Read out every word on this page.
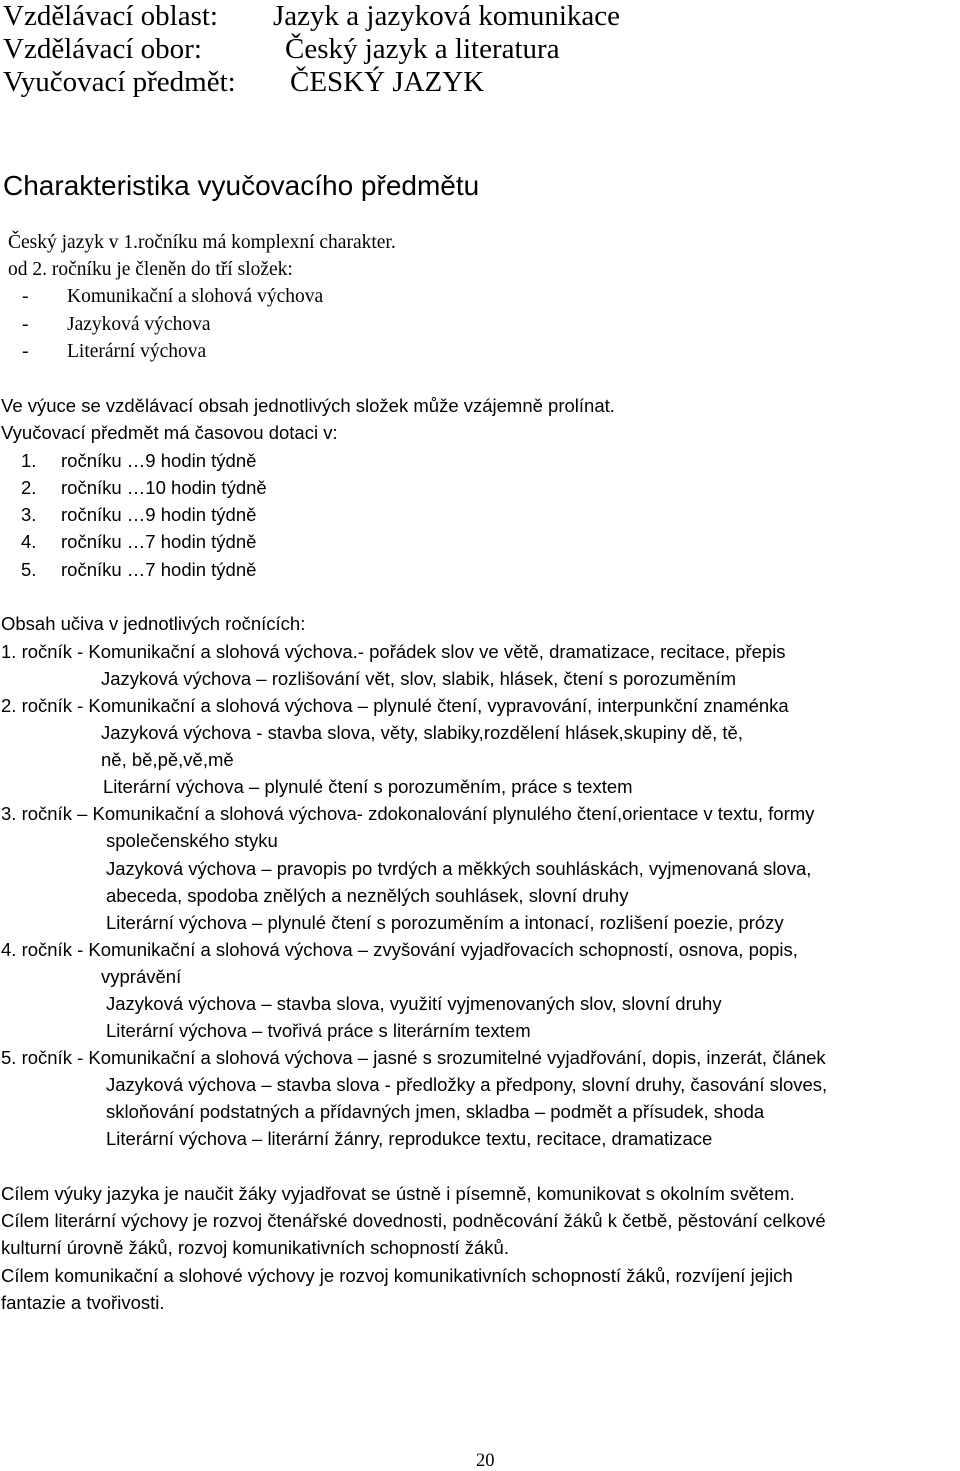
Vzdělávací oblast: Jazyk a jazyková komunikace
Vzdělávací obor:	Český jazyk a literatura
Vyučovací předmět: ČESKÝ JAZYK
Charakteristika vyučovacího předmětu
Český jazyk v 1.ročníku má komplexní charakter.
od 2. ročníku je členěn do tří složek:
- Komunikační a slohová výchova
- Jazyková výchova
- Literární výchova
Ve výuce se vzdělávací obsah jednotlivých složek může vzájemně prolínat.
Vyučovací předmět má časovou dotaci v:
1. ročníku …9 hodin týdně
2. ročníku …10 hodin týdně
3. ročníku …9 hodin týdně
4. ročníku …7 hodin týdně
5. ročníku …7 hodin týdně
Obsah učiva v jednotlivých ročnících:
1. ročník - Komunikační a slohová výchova.- pořádek slov ve větě, dramatizace, recitace, přepis
Jazyková výchova – rozlišování vět, slov, slabik, hlásek, čtení s porozuměním
2. ročník - Komunikační a slohová výchova – plynulé čtení, vypravování, interpunkční znaménka
Jazyková výchova - stavba slova, věty, slabiky,rozdělení hlásek,skupiny dě, tě,
ně, bě,pě,vě,mě
Literární výchova – plynulé čtení s porozuměním, práce s textem
3. ročník – Komunikační a slohová výchova- zdokonalování plynulého čtení,orientace v textu, formy
společenského styku
Jazyková výchova – pravopis po tvrdých a měkkých souhláskách, vyjmenovaná slova,
abeceda, spodoba znělých a neznělých souhlásek, slovní druhy
Literární výchova – plynulé čtení s porozuměním a intonací, rozlišení poezie, prózy
4. ročník - Komunikační a slohová výchova – zvyšování vyjadřovacích schopností, osnova, popis,
vyprávění
Jazyková výchova – stavba slova, využití vyjmenovaných slov, slovní druhy
Literární výchova – tvořivá práce s literárním textem
5. ročník - Komunikační a slohová výchova – jasné s srozumitelné vyjadřování, dopis, inzerát, článek
Jazyková výchova – stavba slova - předložky a předpony, slovní druhy, časování sloves,
skloňování podstatných a přídavných jmen, skladba – podmět a přísudek, shoda
Literární výchova – literární žánry, reprodukce textu, recitace, dramatizace
Cílem výuky jazyka je naučit žáky vyjadřovat se ústně i písemně, komunikovat s okolním světem.
Cílem literární výchovy je rozvoj čtenářské dovednosti, podněcování žáků k četbě, pěstování celkové
kulturní úrovně žáků, rozvoj komunikativních schopností žáků.
Cílem komunikační a slohové výchovy je rozvoj komunikativních schopností žáků, rozvíjení jejich
fantazie a tvořivosti.
20
